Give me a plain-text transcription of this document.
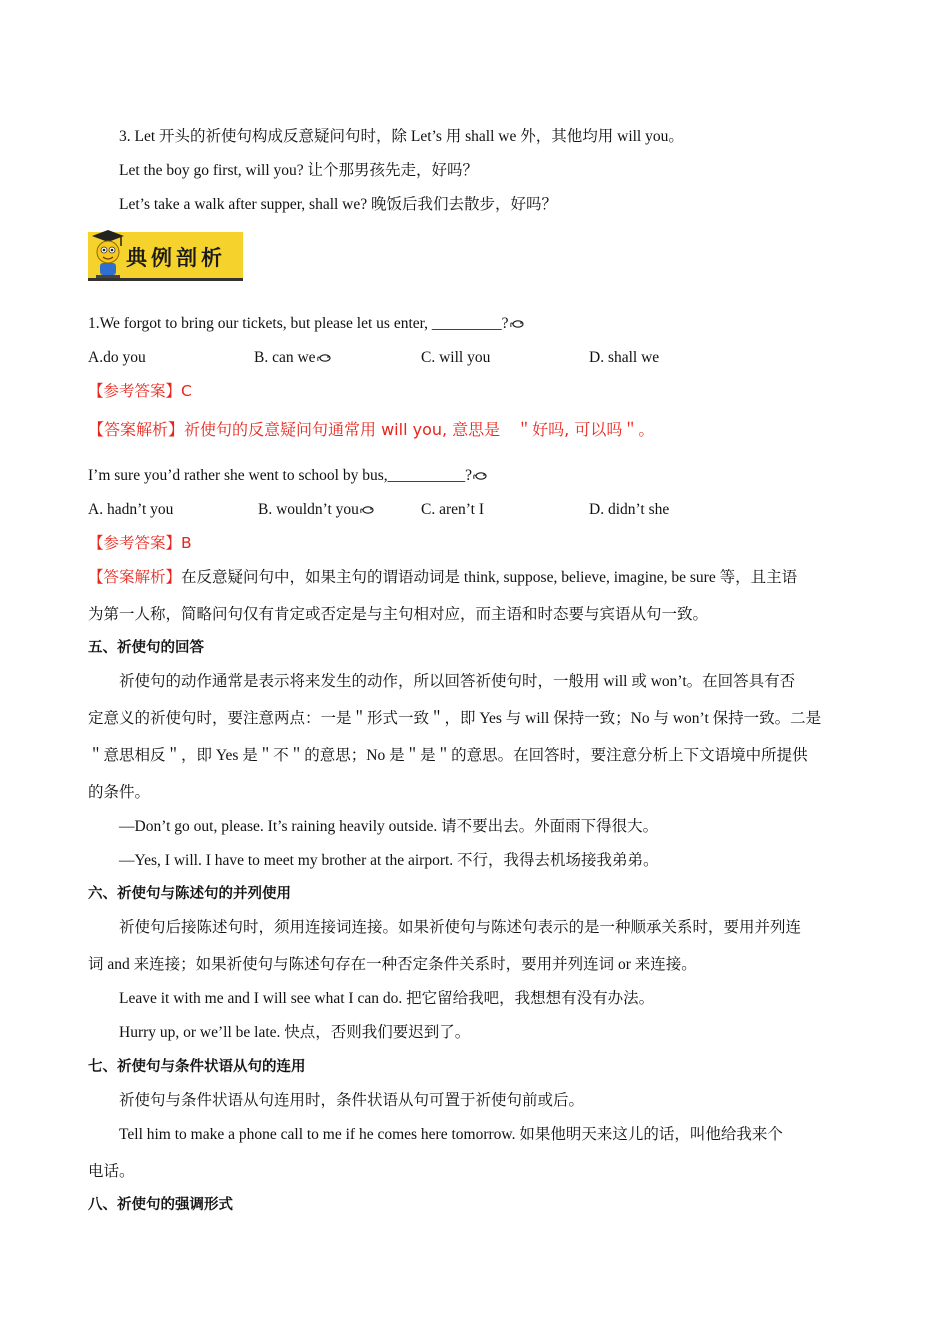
3. Let 开头的祈使句构成反意疑问句时，除 Let’s 用 shall we 外，其他均用 will you。
Let the boy go first, will you? 让个那男孩先走，好吗？
Let’s take a walk after supper, shall we? 晚饭后我们去散步，好吗？
典例剖析
1.We forgot to bring our tickets, but please let us enter, _________?
A.do you	B. can we	C. will you	D. shall we
【参考答案】C
【答案解析】祈使句的反意疑问句通常用 will you, 意思是　＂好吗, 可以吗＂。
I’m sure you’d rather she went to school by bus,__________?
A. hadn’t you	B. wouldn’t you	C. aren’t I	D. didn’t she
【参考答案】B
【答案解析】在反意疑问句中，如果主句的谓语动词是 think, suppose, believe, imagine, be sure 等，且主语
为第一人称，简略问句仅有肯定或否定是与主句相对应，而主语和时态要与宾语从句一致。
五、祈使句的回答
祈使句的动作通常是表示将来发生的动作，所以回答祈使句时，一般用 will 或 won’t。在回答具有否
定意义的祈使句时，要注意两点：一是＂形式一致＂，即 Yes 与 will 保持一致；No 与 won’t 保持一致。二是
＂意思相反＂，即 Yes 是＂不＂的意思；No 是＂是＂的意思。在回答时，要注意分析上下文语境中所提供
的条件。
—Don’t go out, please. It’s raining heavily outside. 请不要出去。外面雨下得很大。
—Yes, I will. I have to meet my brother at the airport. 不行，我得去机场接我弟弟。
六、祈使句与陈述句的并列使用
祈使句后接陈述句时，须用连接词连接。如果祈使句与陈述句表示的是一种顺承关系时，要用并列连
词 and 来连接；如果祈使句与陈述句存在一种否定条件关系时，要用并列连词 or 来连接。
Leave it with me and I will see what I can do. 把它留给我吧，我想想有没有办法。
Hurry up, or we’ll be late. 快点，否则我们要迟到了。
七、祈使句与条件状语从句的连用
祈使句与条件状语从句连用时，条件状语从句可置于祈使句前或后。
Tell him to make a phone call to me if he comes here tomorrow. 如果他明天来这儿的话，叫他给我来个
电话。
八、祈使句的强调形式
